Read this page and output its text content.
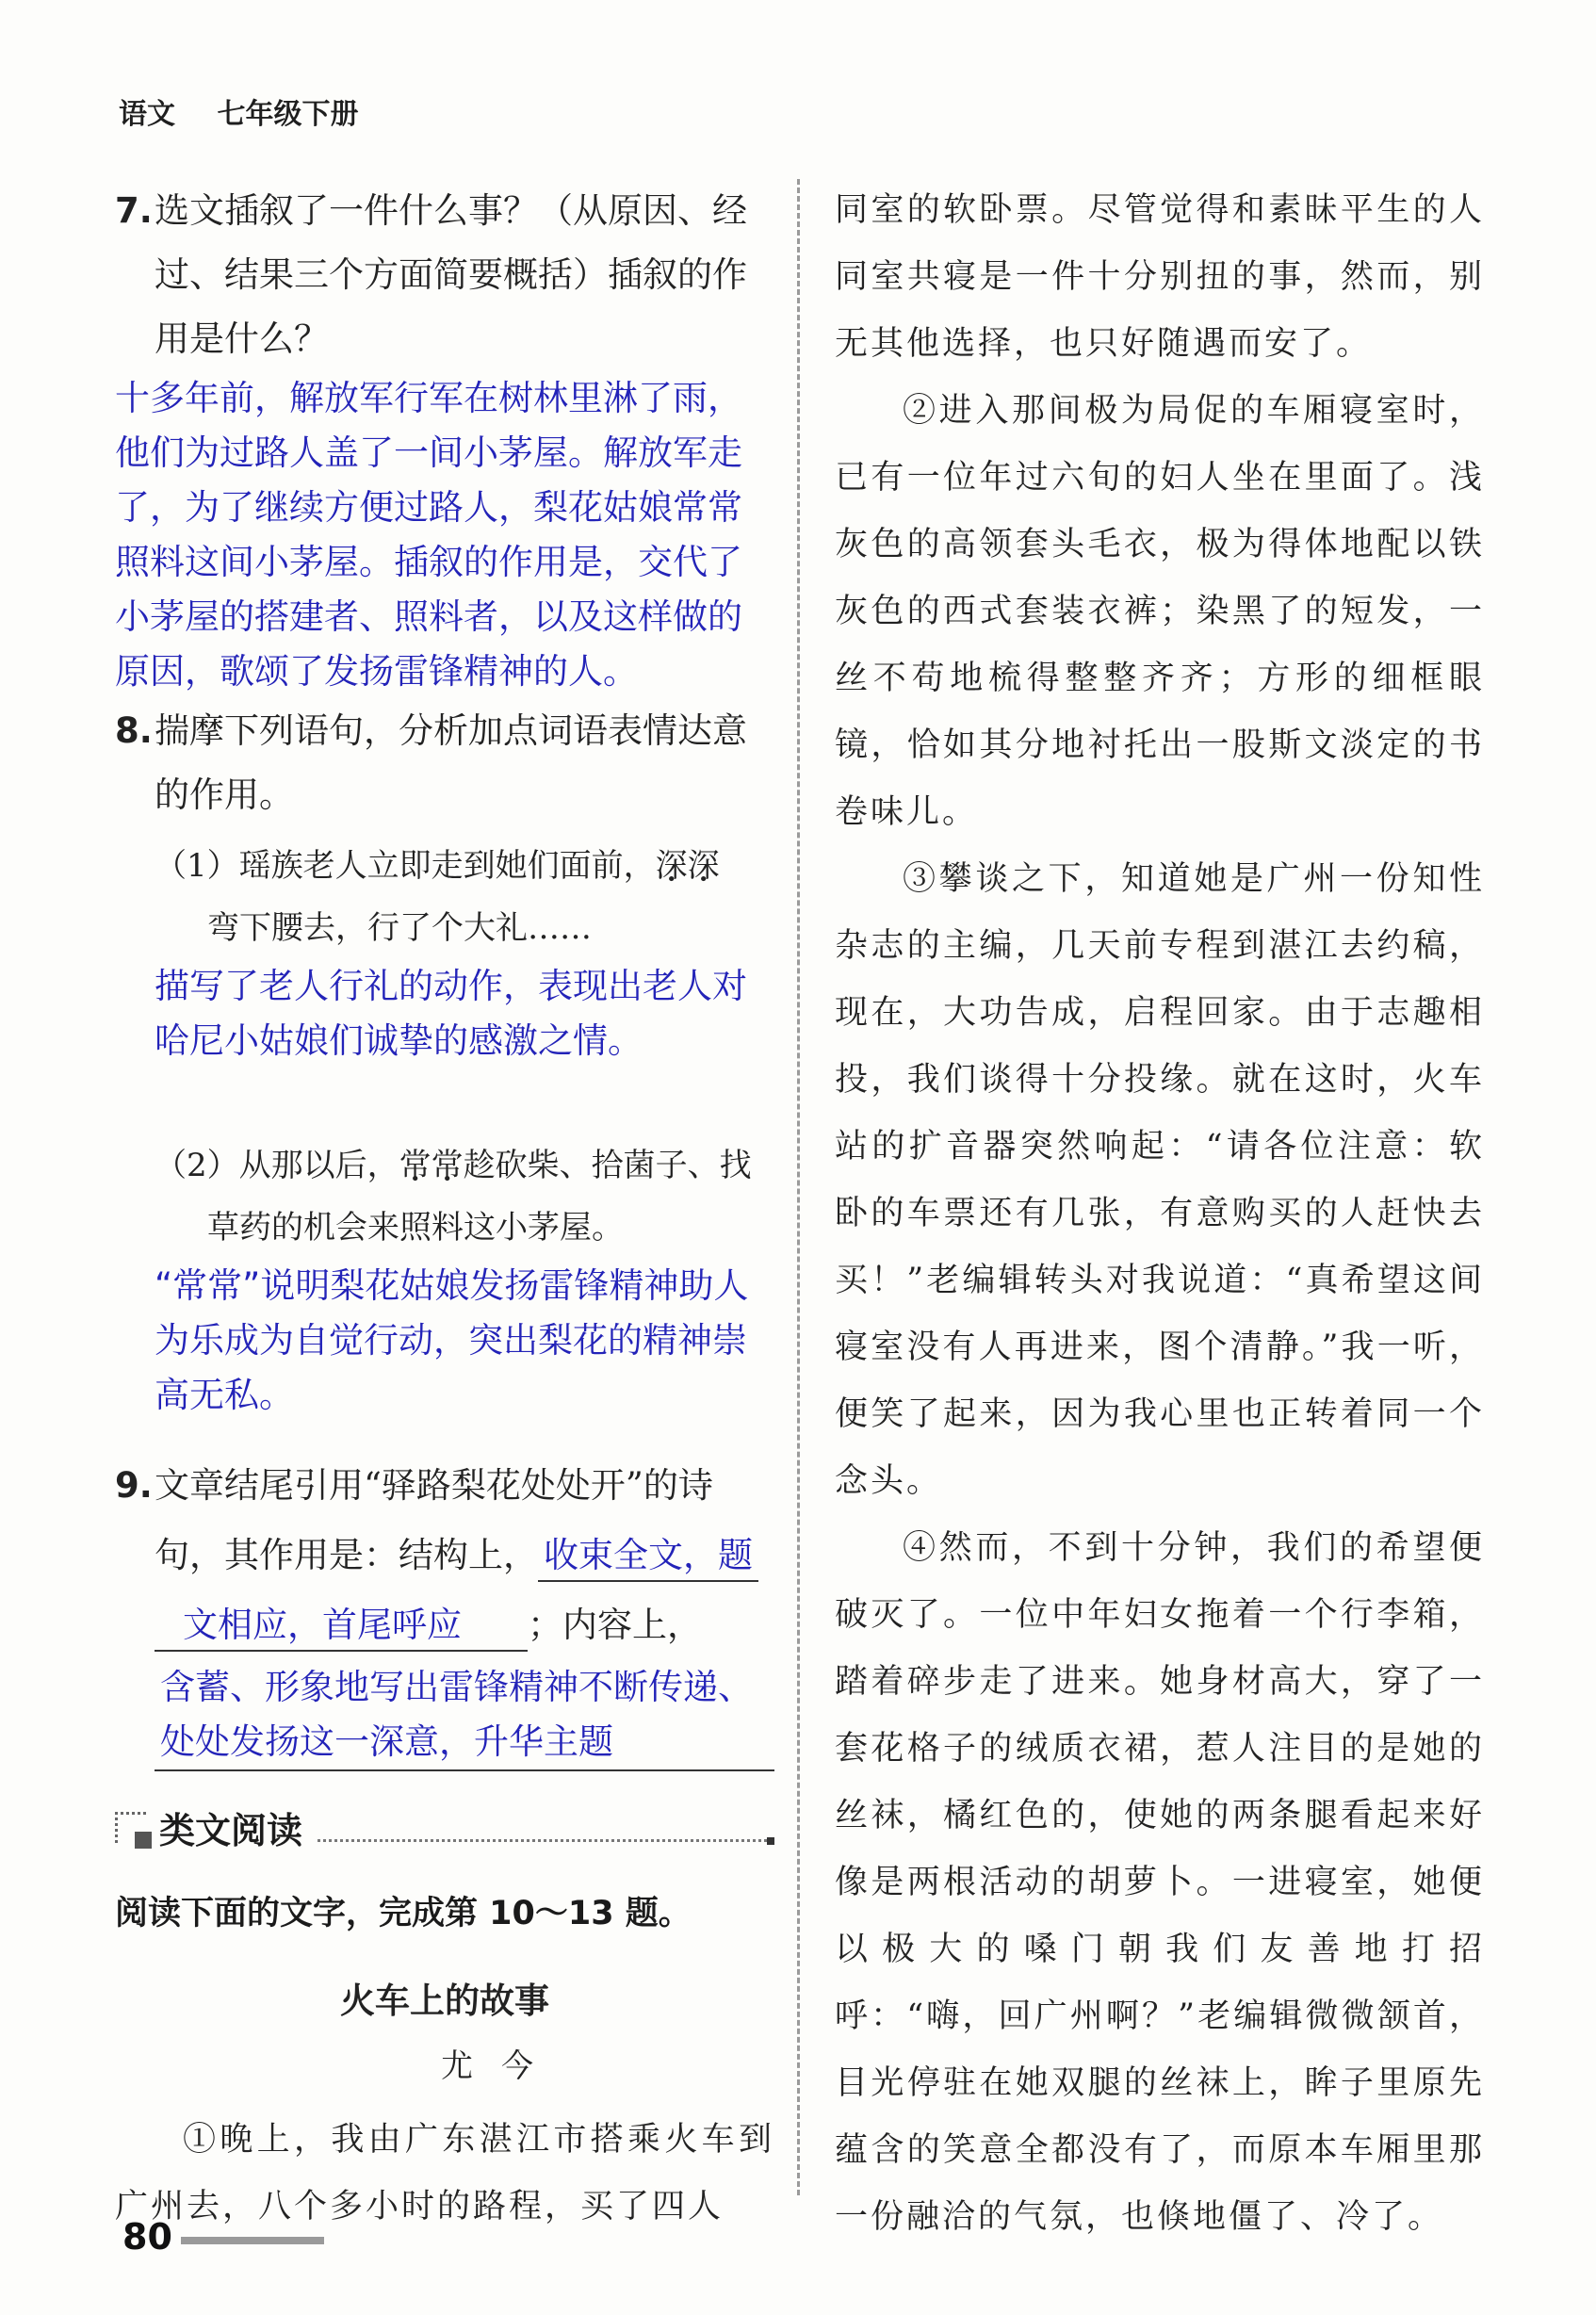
语文 七年级下册
7. 选文插叙了一件什么事？（从原因、经过、结果三个方面简要概括）插叙的作用是什么？
十多年前，解放军行军在树林里淋了雨，他们为过路人盖了一间小茅屋。解放军走了，为了继续方便过路人，梨花姑娘常常照料这间小茅屋。插叙的作用是，交代了小茅屋的搭建者、照料者，以及这样做的原因，歌颂了发扬雷锋精神的人。
8. 揣摩下列语句，分析加点词语表情达意的作用。
（1）瑶族老人立即走到她们面前，深深
弯下腰去，行了个大礼……
描写了老人行礼的动作，表现出老人对哈尼小姑娘们诚挚的感激之情。
（2）从那以后，常常趁砍柴、拾菌子、找
草药的机会来照料这小茅屋。
“常常”说明梨花姑娘发扬雷锋精神助人为乐成为自觉行动，突出梨花的精神崇高无私。
9. 文章结尾引用“驿路梨花处处开”的诗句，其作用是：结构上， 收束全文，题
文相应，首尾呼应 ；内容上，
含蓄、形象地写出雷锋精神不断传递、处处发扬这一深意，升华主题
类文阅读
阅读下面的文字，完成第 10～13 题。
火车上的故事
尤今
①晚上，我由广东湛江市搭乘火车到广州去，八个多小时的路程，买了四人
同室的软卧票。尽管觉得和素昧平生的人同室共寝是一件十分别扭的事，然而，别无其他选择，也只好随遇而安了。
②进入那间极为局促的车厢寝室时，已有一位年过六旬的妇人坐在里面了。浅灰色的高领套头毛衣，极为得体地配以铁灰色的西式套装衣裤；染黑了的短发，一丝不苟地梳得整整齐齐；方形的细框眼镜，恰如其分地衬托出一股斯文淡定的书卷味儿。
③攀谈之下，知道她是广州一份知性杂志的主编，几天前专程到湛江去约稿，现在，大功告成，启程回家。由于志趣相投，我们谈得十分投缘。就在这时，火车站的扩音器突然响起：“请各位注意：软卧的车票还有几张，有意购买的人赶快去买！”老编辑转头对我说道：“真希望这间寝室没有人再进来，图个清静。”我一听，便笑了起来，因为我心里也正转着同一个念头。
④然而，不到十分钟，我们的希望便破灭了。一位中年妇女拖着一个行李箱，踏着碎步走了进来。她身材高大，穿了一套花格子的绒质衣裙，惹人注目的是她的丝袜，橘红色的，使她的两条腿看起来好像是两根活动的胡萝卜。一进寝室，她便以极大的嗓门朝我们友善地打招呼：“嗨，回广州啊？”老编辑微微颔首，目光停驻在她双腿的丝袜上，眸子里原先蕴含的笑意全都没有了，而原本车厢里那一份融洽的气氛，也倏地僵了、冷了。
80
